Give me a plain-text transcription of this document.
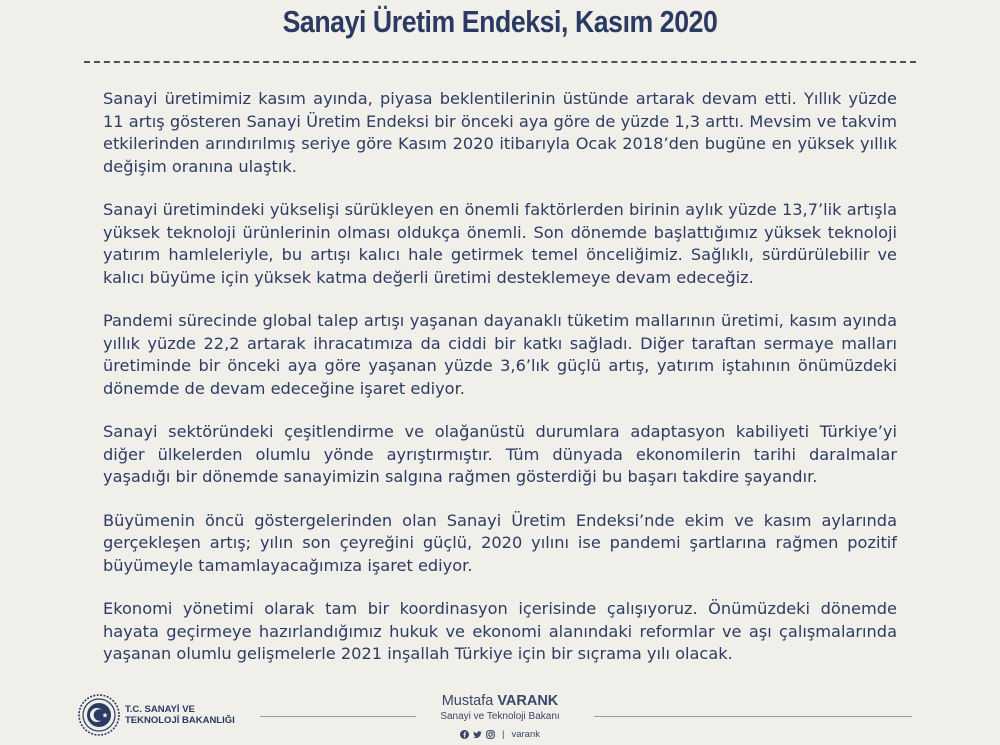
Sanayi Üretim Endeksi, Kasım 2020

Sanayi üretimimiz kasım ayında, piyasa beklentilerinin üstünde artarak devam etti. Yıllık yüzde 11 artış gösteren Sanayi Üretim Endeksi bir önceki aya göre de yüzde 1,3 arttı. Mevsim ve takvim etkilerinden arındırılmış seriye göre Kasım 2020 itibarıyla Ocak 2018’den bugüne en yüksek yıllık değişim oranına ulaştık.

Sanayi üretimindeki yükselişi sürükleyen en önemli faktörlerden birinin aylık yüzde 13,7’lik artışla yüksek teknoloji ürünlerinin olması oldukça önemli. Son dönemde başlattığımız yüksek teknoloji yatırım hamleleriyle, bu artışı kalıcı hale getirmek temel önceliğimiz. Sağlıklı, sürdürülebilir ve kalıcı büyüme için yüksek katma değerli üretimi desteklemeye devam edeceğiz.

Pandemi sürecinde global talep artışı yaşanan dayanaklı tüketim mallarının üretimi, kasım ayında yıllık yüzde 22,2 artarak ihracatımıza da ciddi bir katkı sağladı. Diğer taraftan sermaye malları üretiminde bir önceki aya göre yaşanan yüzde 3,6’lık güçlü artış, yatırım iştahının önümüzdeki dönemde de devam edeceğine işaret ediyor.

Sanayi sektöründeki çeşitlendirme ve olağanüstü durumlara adaptasyon kabiliyeti Türkiye’yi diğer ülkelerden olumlu yönde ayrıştırmıştır. Tüm dünyada ekonomilerin tarihi daralmalar yaşadığı bir dönemde sanayimizin salgına rağmen gösterdiği bu başarı takdire şayandır.

Büyümenin öncü göstergelerinden olan Sanayi Üretim Endeksi’nde ekim ve kasım aylarında gerçekleşen artış; yılın son çeyreğini güçlü, 2020 yılını ise pandemi şartlarına rağmen pozitif büyümeyle tamamlayacağımıza işaret ediyor.

Ekonomi yönetimi olarak tam bir koordinasyon içerisinde çalışıyoruz. Önümüzdeki dönemde hayata geçirmeye hazırlandığımız hukuk ve ekonomi alanındaki reformlar ve aşı çalışmalarında yaşanan olumlu gelişmelerle 2021 inşallah Türkiye için bir sıçrama yılı olacak.

T.C. SANAYİ VE
TEKNOLOJİ BAKANLIĞI
Mustafa VARANK
Sanayi ve Teknoloji Bakanı
| varank
